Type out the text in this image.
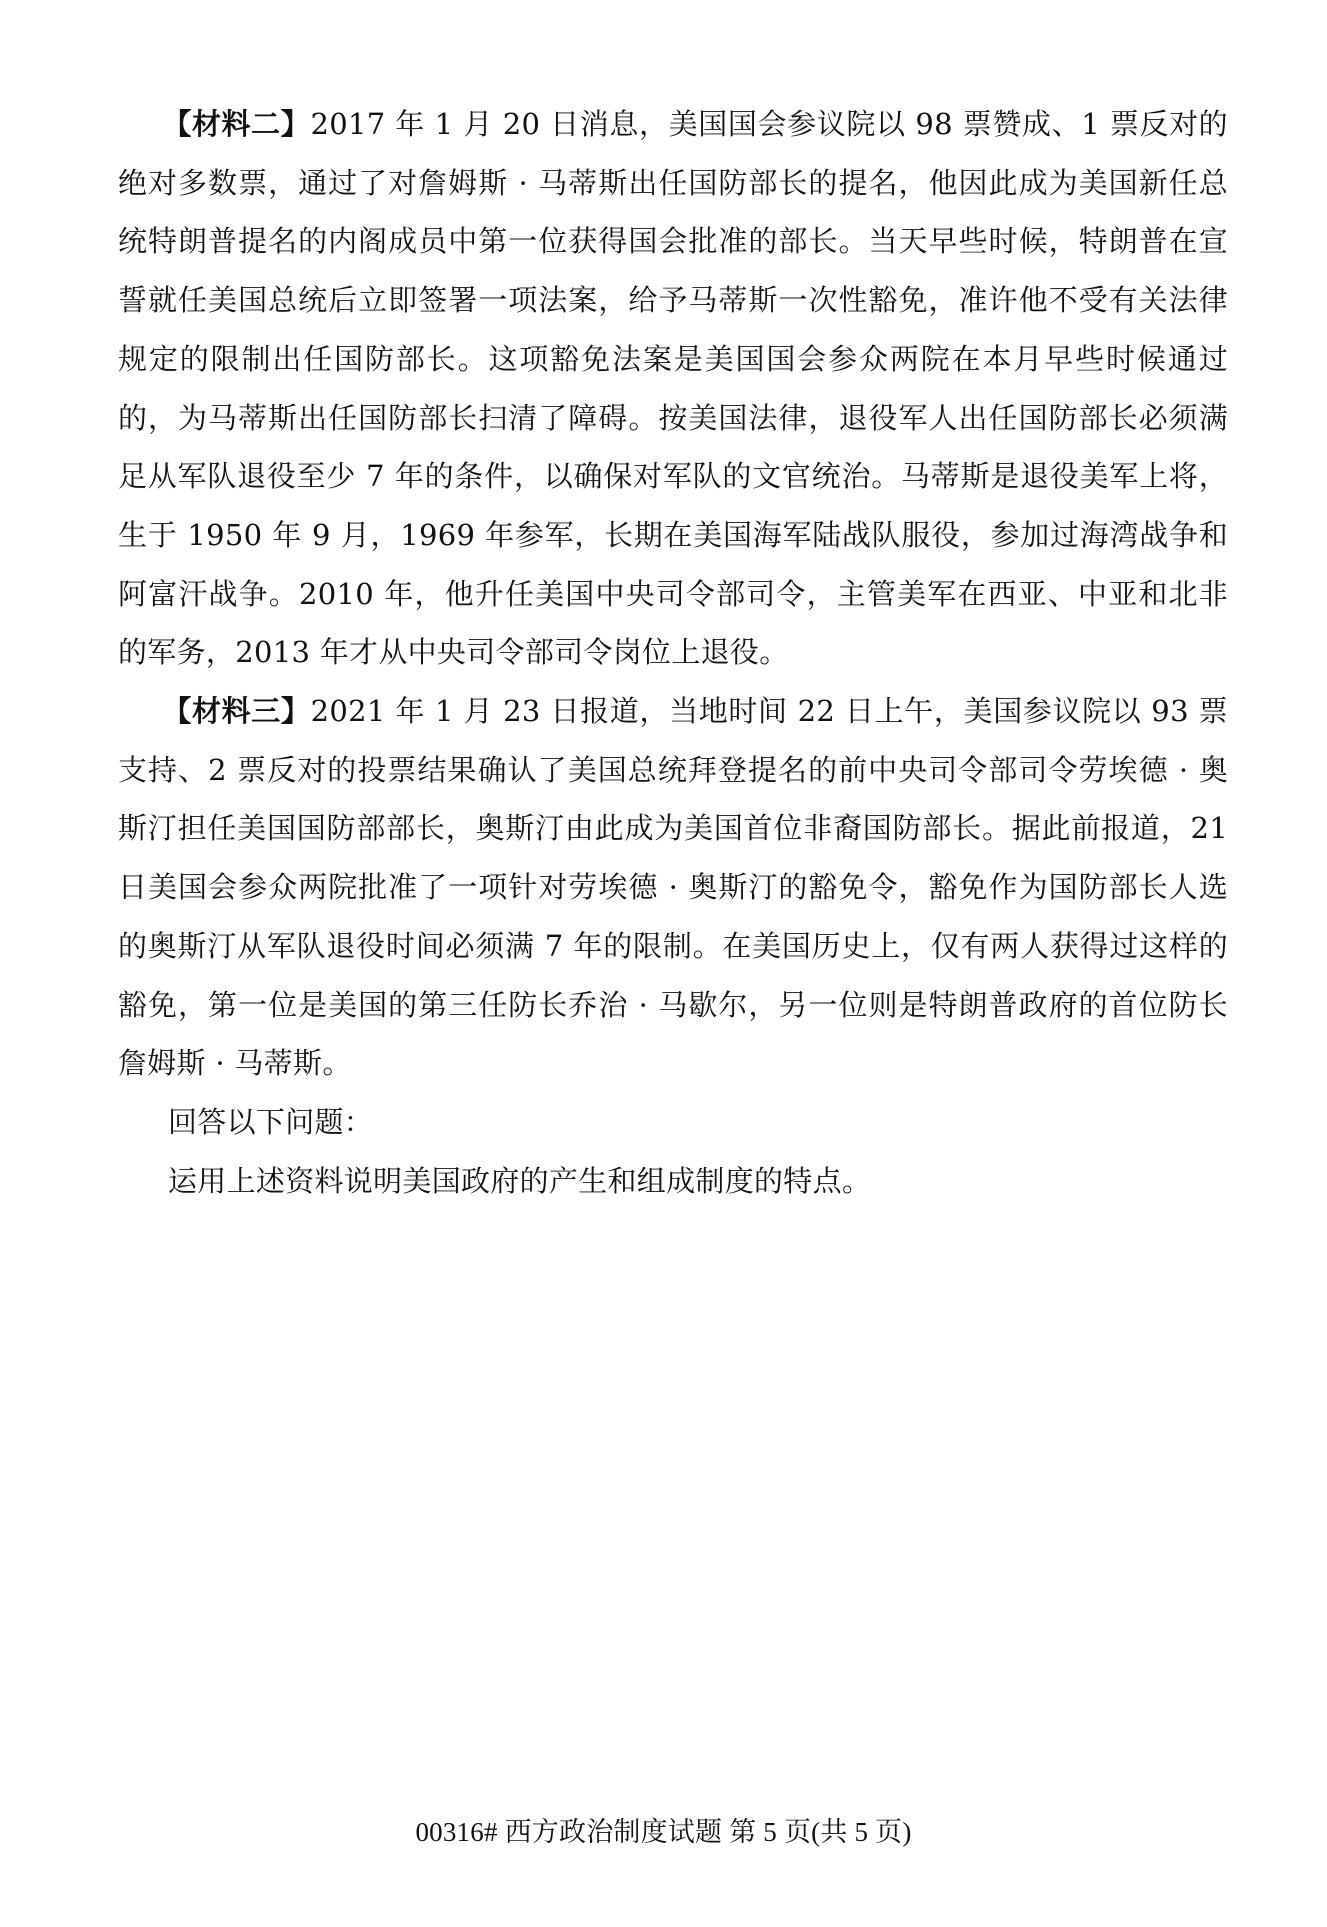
【材料二】2017 年 1 月 20 日消息，美国国会参议院以 98 票赞成、1 票反对的绝对多数票，通过了对詹姆斯 · 马蒂斯出任国防部长的提名，他因此成为美国新任总统特朗普提名的内阁成员中第一位获得国会批准的部长。当天早些时候，特朗普在宣誓就任美国总统后立即签署一项法案，给予马蒂斯一次性豁免，准许他不受有关法律规定的限制出任国防部长。这项豁免法案是美国国会参众两院在本月早些时候通过的，为马蒂斯出任国防部长扫清了障碍。按美国法律，退役军人出任国防部长必须满足从军队退役至少 7 年的条件，以确保对军队的文官统治。马蒂斯是退役美军上将，生于 1950 年 9 月，1969 年参军，长期在美国海军陆战队服役，参加过海湾战争和阿富汗战争。2010 年，他升任美国中央司令部司令，主管美军在西亚、中亚和北非的军务，2013 年才从中央司令部司令岗位上退役。

【材料三】2021 年 1 月 23 日报道，当地时间 22 日上午，美国参议院以 93 票支持、2 票反对的投票结果确认了美国总统拜登提名的前中央司令部司令劳埃德 · 奥斯汀担任美国国防部部长，奥斯汀由此成为美国首位非裔国防部长。据此前报道，21 日美国会参众两院批准了一项针对劳埃德 · 奥斯汀的豁免令，豁免作为国防部长人选的奥斯汀从军队退役时间必须满 7 年的限制。在美国历史上，仅有两人获得过这样的豁免，第一位是美国的第三任防长乔治 · 马歇尔，另一位则是特朗普政府的首位防长詹姆斯 · 马蒂斯。

回答以下问题：

运用上述资料说明美国政府的产生和组成制度的特点。

00316# 西方政治制度试题 第 5 页(共 5 页)
